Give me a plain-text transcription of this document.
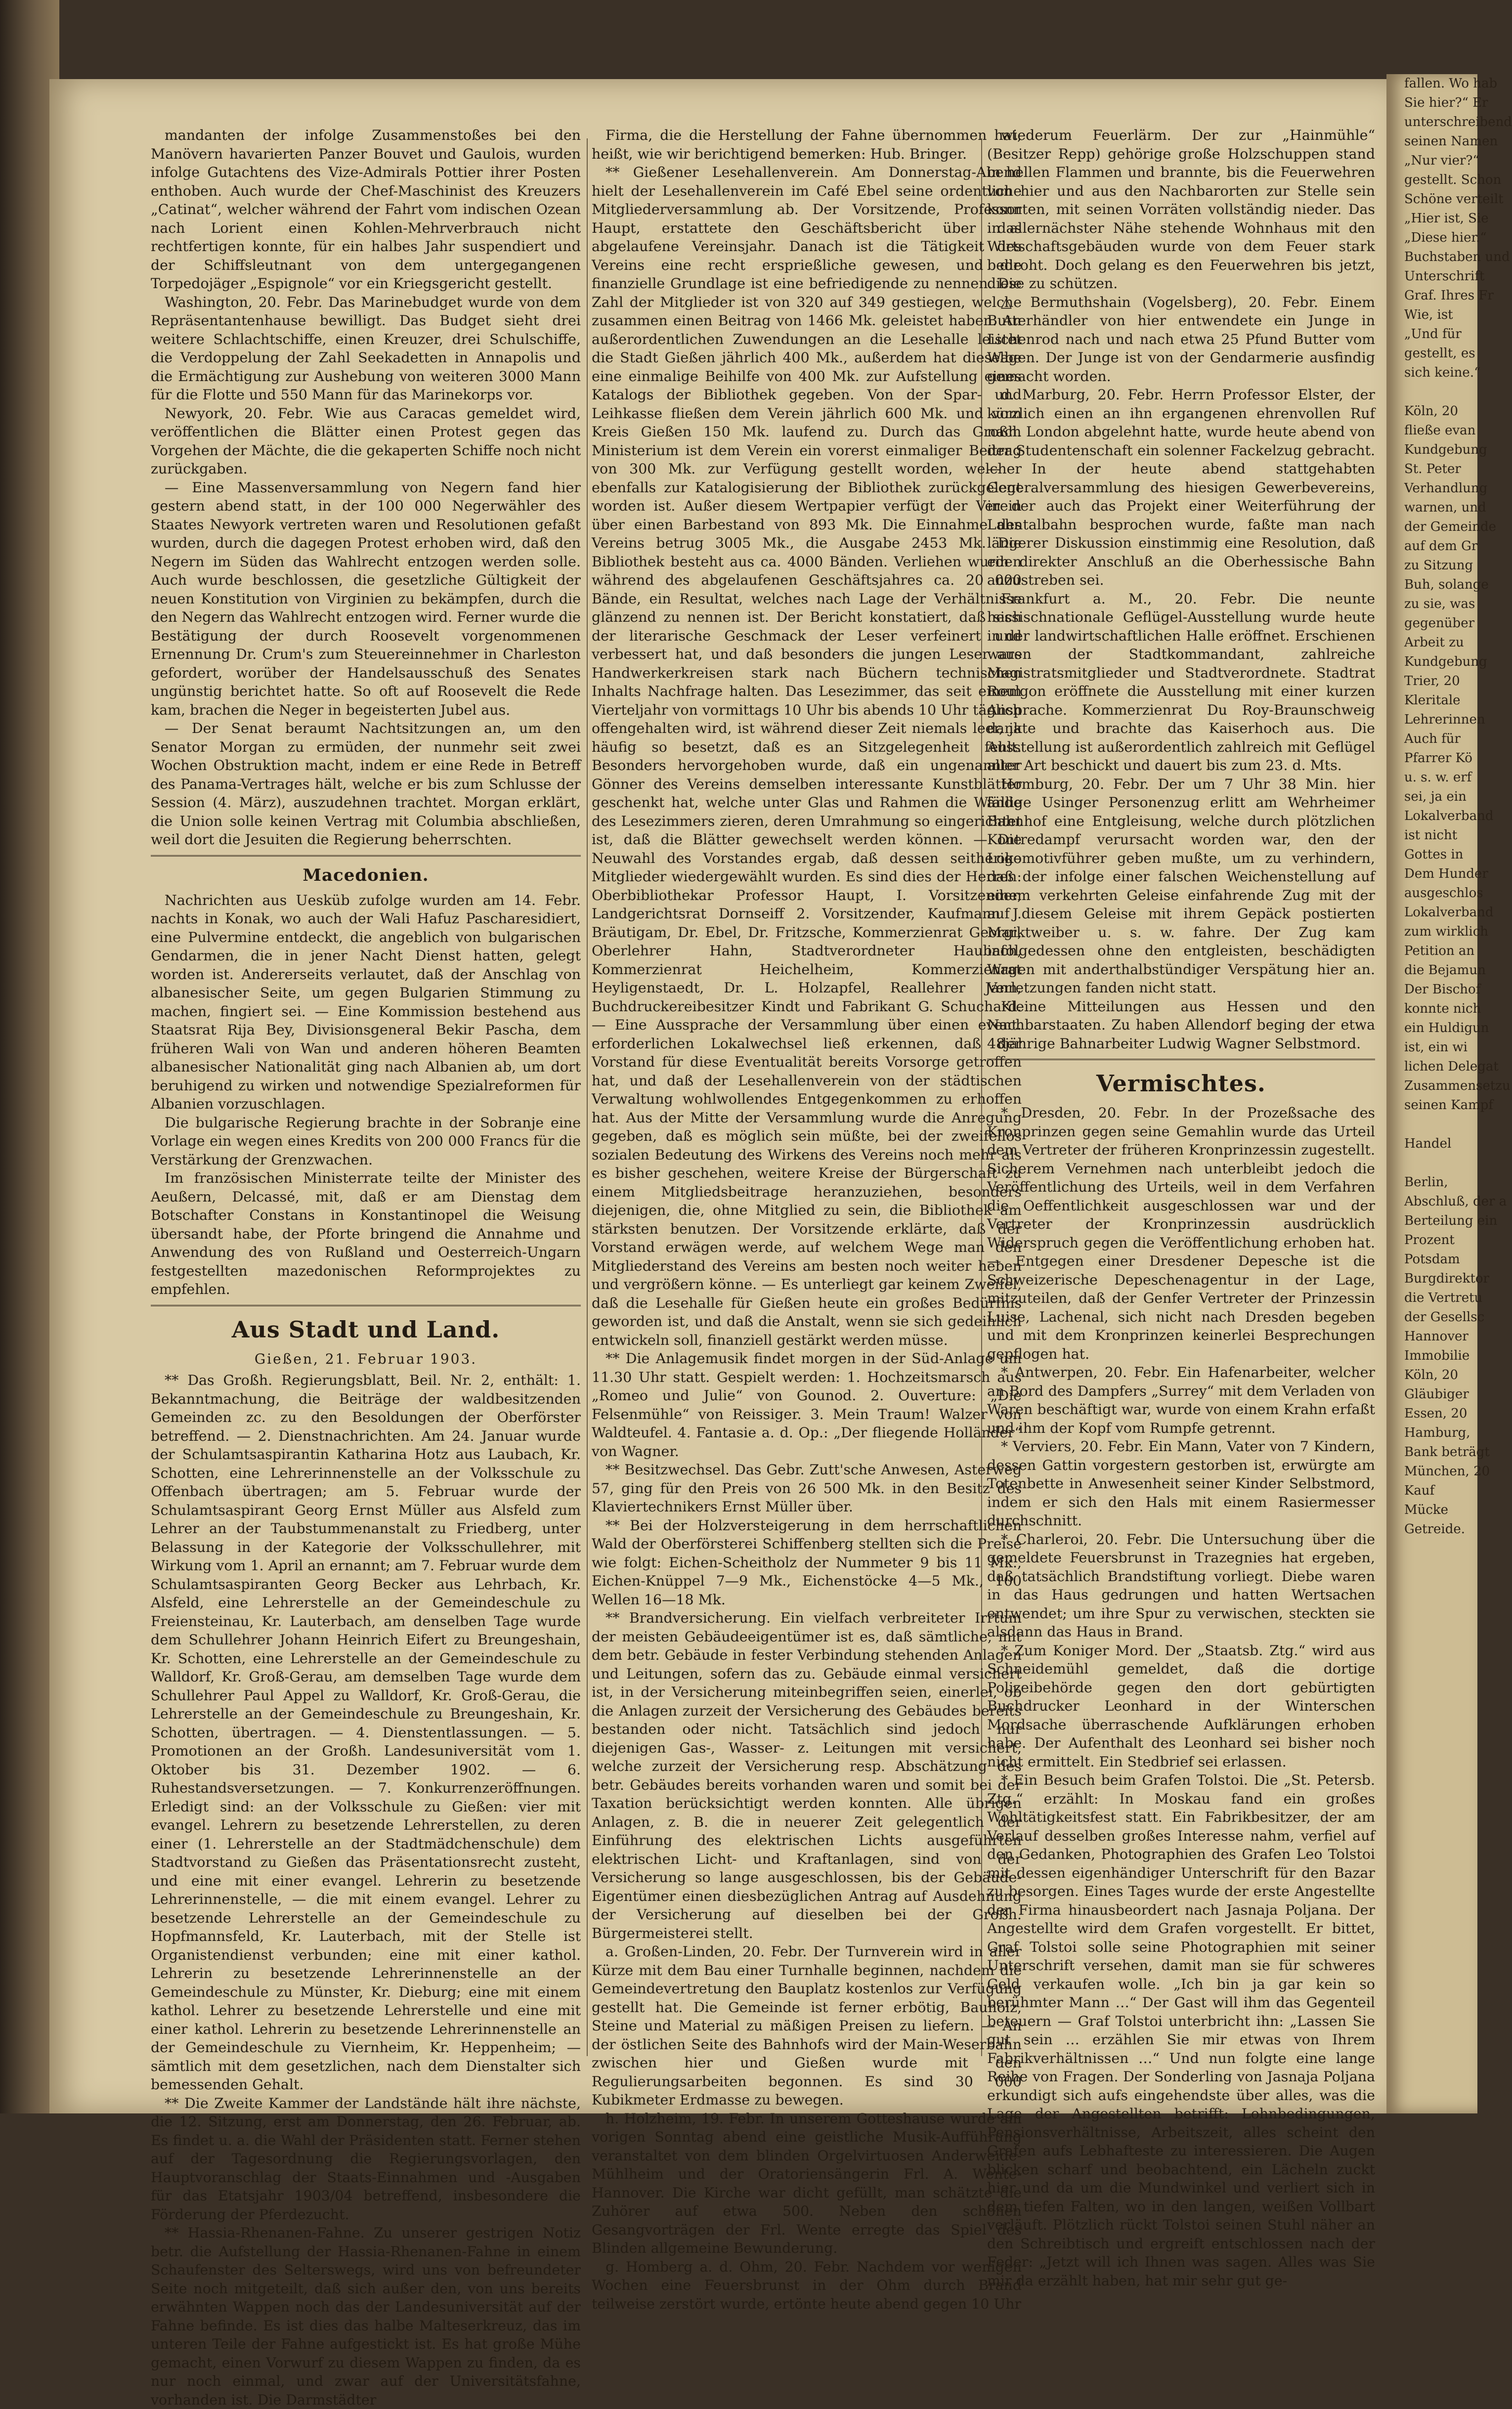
mandanten der infolge Zusammenstoßes bei den Manövern havarierten Panzer Bouvet und Gaulois, wurden infolge Gutachtens des Vize-Admirals Pottier ihrer Posten enthoben. Auch wurde der Chef-Maschinist des Kreuzers „Catinat“, welcher während der Fahrt vom indischen Ozean nach Lorient einen Kohlen-Mehrverbrauch nicht rechtfertigen konnte, für ein halbes Jahr suspendiert und der Schiffsleutnant von dem untergegangenen Torpedojäger „Espignole“ vor ein Kriegsgericht gestellt.

Washington, 20. Febr. Das Marinebudget wurde von dem Repräsentantenhause bewilligt. Das Budget sieht drei weitere Schlachtschiffe, einen Kreuzer, drei Schulschiffe, die Verdoppelung der Zahl Seekadetten in Annapolis und die Ermächtigung zur Aushebung von weiteren 3000 Mann für die Flotte und 550 Mann für das Marinekorps vor.

Newyork, 20. Febr. Wie aus Caracas gemeldet wird, veröffentlichen die Blätter einen Protest gegen das Vorgehen der Mächte, die die gekaperten Schiffe noch nicht zurückgaben.

— Eine Massenversammlung von Negern fand hier gestern abend statt, in der 100 000 Negerwähler des Staates Newyork vertreten waren und Resolutionen gefaßt wurden, durch die dagegen Protest erhoben wird, daß den Negern im Süden das Wahlrecht entzogen werden solle. Auch wurde beschlossen, die gesetzliche Gültigkeit der neuen Konstitution von Virginien zu bekämpfen, durch die den Negern das Wahlrecht entzogen wird. Ferner wurde die Bestätigung der durch Roosevelt vorgenommenen Ernennung Dr. Crum's zum Steuereinnehmer in Charleston gefordert, worüber der Handelsausschuß des Senates ungünstig berichtet hatte. So oft auf Roosevelt die Rede kam, brachen die Neger in begeisterten Jubel aus.

— Der Senat beraumt Nachtsitzungen an, um den Senator Morgan zu ermüden, der nunmehr seit zwei Wochen Obstruktion macht, indem er eine Rede in Betreff des Panama-Vertrages hält, welche er bis zum Schlusse der Session (4. März), auszudehnen trachtet. Morgan erklärt, die Union solle keinen Vertrag mit Columbia abschließen, weil dort die Jesuiten die Regierung beherrschten.

Macedonien.

Nachrichten aus Uesküb zufolge wurden am 14. Febr. nachts in Konak, wo auch der Wali Hafuz Pascharesidiert, eine Pulvermine entdeckt, die angeblich von bulgarischen Gendarmen, die in jener Nacht Dienst hatten, gelegt worden ist. Andererseits verlautet, daß der Anschlag von albanesischer Seite, um gegen Bulgarien Stimmung zu machen, fingiert sei. — Eine Kommission bestehend aus Staatsrat Rija Bey, Divisionsgeneral Bekir Pascha, dem früheren Wali von Wan und anderen höheren Beamten albanesischer Nationalität ging nach Albanien ab, um dort beruhigend zu wirken und notwendige Spezialreformen für Albanien vorzuschlagen.

Die bulgarische Regierung brachte in der Sobranje eine Vorlage ein wegen eines Kredits von 200 000 Francs für die Verstärkung der Grenzwachen.

Im französischen Ministerrate teilte der Minister des Aeußern, Delcassé, mit, daß er am Dienstag dem Botschafter Constans in Konstantinopel die Weisung übersandt habe, der Pforte bringend die Annahme und Anwendung des von Rußland und Oesterreich-Ungarn festgestellten mazedonischen Reformprojektes zu empfehlen.

Aus Stadt und Land.
Gießen, 21. Februar 1903.

** Das Großh. Regierungsblatt, Beil. Nr. 2, enthält: 1. Bekanntmachung, die Beiträge der waldbesitzenden Gemeinden zc. zu den Besoldungen der Oberförster betreffend. — 2. Dienstnachrichten. Am 24. Januar wurde der Schulamtsaspirantin Katharina Hotz aus Laubach, Kr. Schotten, eine Lehrerinnenstelle an der Volksschule zu Offenbach übertragen; am 5. Februar wurde der Schulamtsaspirant Georg Ernst Müller aus Alsfeld zum Lehrer an der Taubstummenanstalt zu Friedberg, unter Belassung in der Kategorie der Volksschullehrer, mit Wirkung vom 1. April an ernannt; am 7. Februar wurde dem Schulamtsaspiranten Georg Becker aus Lehrbach, Kr. Alsfeld, eine Lehrerstelle an der Gemeindeschule zu Freiensteinau, Kr. Lauterbach, am denselben Tage wurde dem Schullehrer Johann Heinrich Eifert zu Breungeshain, Kr. Schotten, eine Lehrerstelle an der Gemeindeschule zu Walldorf, Kr. Groß-Gerau, am demselben Tage wurde dem Schullehrer Paul Appel zu Walldorf, Kr. Groß-Gerau, die Lehrerstelle an der Gemeindeschule zu Breungeshain, Kr. Schotten, übertragen. — 4. Dienstentlassungen. — 5. Promotionen an der Großh. Landesuniversität vom 1. Oktober bis 31. Dezember 1902. — 6. Ruhestandsversetzungen. — 7. Konkurrenzeröffnungen. Erledigt sind: an der Volksschule zu Gießen: vier mit evangel. Lehrern zu besetzende Lehrerstellen, zu deren einer (1. Lehrerstelle an der Stadtmädchenschule) dem Stadtvorstand zu Gießen das Präsentationsrecht zusteht, und eine mit einer evangel. Lehrerin zu besetzende Lehrerinnenstelle, — die mit einem evangel. Lehrer zu besetzende Lehrerstelle an der Gemeindeschule zu Hopfmannsfeld, Kr. Lauterbach, mit der Stelle ist Organistendienst verbunden; eine mit einer kathol. Lehrerin zu besetzende Lehrerinnenstelle an der Gemeindeschule zu Münster, Kr. Dieburg; eine mit einem kathol. Lehrer zu besetzende Lehrerstelle und eine mit einer kathol. Lehrerin zu besetzende Lehrerinnenstelle an der Gemeindeschule zu Viernheim, Kr. Heppenheim; — sämtlich mit dem gesetzlichen, nach dem Dienstalter sich bemessenden Gehalt.

** Die Zweite Kammer der Landstände hält ihre nächste, die 12. Sitzung, erst am Donnerstag, den 26. Februar, ab. Es findet u. a. die Wahl der Präsidenten statt. Ferner stehen auf der Tagesordnung die Regierungsvorlagen, den Hauptvoranschlag der Staats-Einnahmen und -Ausgaben für das Etatsjahr 1903/04 betreffend, insbesondere die Förderung der Pferdezucht.

** Hassia-Rhenanen-Fahne. Zu unserer gestrigen Notiz betr. die Aufstellung der Hassia-Rhenanen-Fahne in einem Schaufenster des Selterswegs, wird uns von befreundeter Seite noch mitgeteilt, daß sich außer den, von uns bereits erwähnten Wappen noch das der Landesuniversität auf der Fahne befinde. Es ist dies das halbe Malteserkreuz, das im unteren Teile der Fahne aufgestickt ist. Es hat große Mühe gemacht, einen Vorwurf zu diesem Wappen zu finden, da es nur noch einmal, und zwar auf der Universitätsfahne, vorhanden ist. Die Darmstädter

Firma, die die Herstellung der Fahne übernommen hat, heißt, wie wir berichtigend bemerken: Hub. Bringer.

** Gießener Lesehallenverein. Am Donnerstag-Abend hielt der Lesehallenverein im Café Ebel seine ordentliche Mitgliederversammlung ab. Der Vorsitzende, Professor Haupt, erstattete den Geschäftsbericht über das abgelaufene Vereinsjahr. Danach ist die Tätigkeit des Vereins eine recht ersprießliche gewesen, und die finanzielle Grundlage ist eine befriedigende zu nennen. Die Zahl der Mitglieder ist von 320 auf 349 gestiegen, welche zusammen einen Beitrag von 1466 Mk. geleistet haben. An außerordentlichen Zuwendungen an die Lesehalle leistet die Stadt Gießen jährlich 400 Mk., außerdem hat dieselbe eine einmalige Beihilfe von 400 Mk. zur Aufstellung eines Katalogs der Bibliothek gegeben. Von der Spar- und Leihkasse fließen dem Verein jährlich 600 Mk. und vom Kreis Gießen 150 Mk. laufend zu. Durch das Großh. Ministerium ist dem Verein ein vorerst einmaliger Beitrag von 300 Mk. zur Verfügung gestellt worden, welcher ebenfalls zur Katalogisierung der Bibliothek zurückgelegt worden ist. Außer diesem Wertpapier verfügt der Verein über einen Barbestand von 893 Mk. Die Einnahme des Vereins betrug 3005 Mk., die Ausgabe 2453 Mk. Die Bibliothek besteht aus ca. 4000 Bänden. Verliehen wurden während des abgelaufenen Geschäftsjahres ca. 20 000 Bände, ein Resultat, welches nach Lage der Verhältnisse glänzend zu nennen ist. Der Bericht konstatiert, daß sich der literarische Geschmack der Leser verfeinert und verbessert hat, und daß besonders die jungen Leser aus Handwerkerkreisen stark nach Büchern technischen Inhalts Nachfrage halten. Das Lesezimmer, das seit einem Vierteljahr von vormittags 10 Uhr bis abends 10 Uhr täglich offengehalten wird, ist während dieser Zeit niemals leer, ja häufig so besetzt, daß es an Sitzgelegenheit fehlt. Besonders hervorgehoben wurde, daß ein ungenannter Gönner des Vereins demselben interessante Kunstblätter geschenkt hat, welche unter Glas und Rahmen die Wände des Lesezimmers zieren, deren Umrahmung so eingerichtet ist, daß die Blätter gewechselt werden können. — Die Neuwahl des Vorstandes ergab, daß dessen seitherige Mitglieder wiedergewählt wurden. Es sind dies der Herren: Oberbibliothekar Professor Haupt, I. Vorsitzender, Landgerichtsrat Dornseiff 2. Vorsitzender, Kaufmann J. Bräutigam, Dr. Ebel, Dr. Fritzsche, Kommerzienrat Georgi, Oberlehrer Hahn, Stadtverordneter Haubach, Kommerzienrat Heichelheim, Kommerzienrat Heyligenstaedt, Dr. L. Holzapfel, Reallehrer Jann, Buchdruckereibesitzer Kindt und Fabrikant G. Schuchard. — Eine Aussprache der Versammlung über einen event. erforderlichen Lokalwechsel ließ erkennen, daß der Vorstand für diese Eventualität bereits Vorsorge getroffen hat, und daß der Lesehallenverein von der städtischen Verwaltung wohlwollendes Entgegenkommen zu erhoffen hat. Aus der Mitte der Versammlung wurde die Anregung gegeben, daß es möglich sein müßte, bei der zweifellos sozialen Bedeutung des Wirkens des Vereins noch mehr als es bisher geschehen, weitere Kreise der Bürgerschaft zu einem Mitgliedsbeitrage heranzuziehen, besonders diejenigen, die, ohne Mitglied zu sein, die Bibliothek am stärksten benutzen. Der Vorsitzende erklärte, daß der Vorstand erwägen werde, auf welchem Wege man den Mitgliederstand des Vereins am besten noch weiter heben und vergrößern könne. — Es unterliegt gar keinem Zweifel, daß die Lesehalle für Gießen heute ein großes Bedürfnis geworden ist, und daß die Anstalt, wenn sie sich gedeihlich entwickeln soll, finanziell gestärkt werden müsse.

** Die Anlagemusik findet morgen in der Süd-Anlage um 11.30 Uhr statt. Gespielt werden: 1. Hochzeitsmarsch aus „Romeo und Julie“ von Gounod. 2. Ouverture: „Die Felsenmühle“ von Reissiger. 3. Mein Traum! Walzer von Waldteufel. 4. Fantasie a. d. Op.: „Der fliegende Holländer“ von Wagner.

** Besitzwechsel. Das Gebr. Zutt'sche Anwesen, Asterweg 57, ging für den Preis von 26 500 Mk. in den Besitz des Klaviertechnikers Ernst Müller über.

** Bei der Holzversteigerung in dem herrschaftlichen Wald der Oberförsterei Schiffenberg stellten sich die Preise wie folgt: Eichen-Scheitholz der Nummeter 9 bis 11 Mk., Eichen-Knüppel 7—9 Mk., Eichenstöcke 4—5 Mk., 100 Wellen 16—18 Mk.

** Brandversicherung. Ein vielfach verbreiteter Irrtum der meisten Gebäudeeigentümer ist es, daß sämtliche, mit dem betr. Gebäude in fester Verbindung stehenden Anlagen und Leitungen, sofern das zu. Gebäude einmal versichert ist, in der Versicherung miteinbegriffen seien, einerlei, ob die Anlagen zurzeit der Versicherung des Gebäudes bereits bestanden oder nicht. Tatsächlich sind jedoch nur diejenigen Gas-, Wasser- z. Leitungen mit versichert, welche zurzeit der Versicherung resp. Abschätzung des betr. Gebäudes bereits vorhanden waren und somit bei der Taxation berücksichtigt werden konnten. Alle übrigen Anlagen, z. B. die in neuerer Zeit gelegentlich der Einführung des elektrischen Lichts ausgeführten elektrischen Licht- und Kraftanlagen, sind von der Versicherung so lange ausgeschlossen, bis der Gebäude-Eigentümer einen diesbezüglichen Antrag auf Ausdehnung der Versicherung auf dieselben bei der Großh. Bürgermeisterei stellt.

a. Großen-Linden, 20. Febr. Der Turnverein wird in aller Kürze mit dem Bau einer Turnhalle beginnen, nachdem die Gemeindevertretung den Bauplatz kostenlos zur Verfügung gestellt hat. Die Gemeinde ist ferner erbötig, Bauholz, Steine und Material zu mäßigen Preisen zu liefern. — An der östlichen Seite des Bahnhofs wird der Main-Weserbahn zwischen hier und Gießen wurde mit den Regulierungsarbeiten begonnen. Es sind 30 000 Kubikmeter Erdmasse zu bewegen.

h. Holzheim, 19. Febr. In unserem Gotteshause wurde am vorigen Sonntag abend eine geistliche Musik-Aufführung veranstaltet von dem blinden Orgelvirtuosen Anderweide-Mühlheim und der Oratoriensängerin Frl. A. Wente-Hannover. Die Kirche war dicht gefüllt, man schätzte die Zuhörer auf etwa 500. Neben den schönen Gesangvorträgen der Frl. Wente erregte das Spiel des Blinden allgemeine Bewunderung.

g. Homberg a. d. Ohm, 20. Febr. Nachdem vor wenigen Wochen eine Feuersbrunst in der Ohm durch Brand teilweise zerstört wurde, ertönte heute abend gegen 10 Uhr

wiederum Feuerlärm. Der zur „Hainmühle“ (Besitzer Repp) gehörige große Holzschuppen stand in hellen Flammen und brannte, bis die Feuerwehren von hier und aus den Nachbarorten zur Stelle sein konnten, mit seinen Vorräten vollständig nieder. Das in allernächster Nähe stehende Wohnhaus mit den Wirtschaftsgebäuden wurde von dem Feuer stark bedroht. Doch gelang es den Feuerwehren bis jetzt, diese zu schützen.

△ Bermuthshain (Vogelsberg), 20. Febr. Einem Butterhändler von hier entwendete ein Junge in Lichenrod nach und nach etwa 25 Pfund Butter vom Wagen. Der Junge ist von der Gendarmerie ausfindig gemacht worden.

d. Marburg, 20. Febr. Herrn Professor Elster, der kürzlich einen an ihn ergangenen ehrenvollen Ruf nach London abgelehnt hatte, wurde heute abend von der Studentenschaft ein solenner Fackelzug gebracht. — In der heute abend stattgehabten Generalversammlung des hiesigen Gewerbevereins, in der auch das Projekt einer Weiterführung der Lahntalbahn besprochen wurde, faßte man nach längerer Diskussion einstimmig eine Resolution, daß ein direkter Anschluß an die Oberhessische Bahn anzustreben sei.

Frankfurt a. M., 20. Febr. Die neunte hessischnationale Geflügel-Ausstellung wurde heute in der landwirtschaftlichen Halle eröffnet. Erschienen waren der Stadtkommandant, zahlreiche Magistratsmitglieder und Stadtverordnete. Stadtrat Roulgon eröffnete die Ausstellung mit einer kurzen Ansprache. Kommerzienrat Du Roy-Braunschweig dankte und brachte das Kaiserhoch aus. Die Ausstellung ist außerordentlich zahlreich mit Geflügel aller Art beschickt und dauert bis zum 23. d. Mts.

Homburg, 20. Febr. Der um 7 Uhr 38 Min. hier fällige Usinger Personenzug erlitt am Wehrheimer Bahnhof eine Entgleisung, welche durch plötzlichen Kontredampf verursacht worden war, den der Lokomotivführer geben mußte, um zu verhindern, daß der infolge einer falschen Weichenstellung auf einem verkehrten Geleise einfahrende Zug mit der auf diesem Geleise mit ihrem Gepäck postierten Marktweiber u. s. w. fahre. Der Zug kam infolgedessen ohne den entgleisten, beschädigten Wagen mit anderthalbstündiger Verspätung hier an. Verletzungen fanden nicht statt.

Kleine Mitteilungen aus Hessen und den Nachbarstaaten. Zu haben Allendorf beging der etwa 48jährige Bahnarbeiter Ludwig Wagner Selbstmord.

Vermischtes.

* Dresden, 20. Febr. In der Prozeßsache des Kronprinzen gegen seine Gemahlin wurde das Urteil dem Vertreter der früheren Kronprinzessin zugestellt. Sicherem Vernehmen nach unterbleibt jedoch die Veröffentlichung des Urteils, weil in dem Verfahren die Oeffentlichkeit ausgeschlossen war und der Vertreter der Kronprinzessin ausdrücklich Widerspruch gegen die Veröffentlichung erhoben hat. — Entgegen einer Dresdener Depesche ist die Schweizerische Depeschenagentur in der Lage, mitzuteilen, daß der Genfer Vertreter der Prinzessin Luise, Lachenal, sich nicht nach Dresden begeben und mit dem Kronprinzen keinerlei Besprechungen gepflogen hat.

* Antwerpen, 20. Febr. Ein Hafenarbeiter, welcher an Bord des Dampfers „Surrey“ mit dem Verladen von Waren beschäftigt war, wurde von einem Krahn erfaßt und ihm der Kopf vom Rumpfe getrennt.

* Verviers, 20. Febr. Ein Mann, Vater von 7 Kindern, dessen Gattin vorgestern gestorben ist, erwürgte am Totenbette in Anwesenheit seiner Kinder Selbstmord, indem er sich den Hals mit einem Rasiermesser durchschnitt.

* Charleroi, 20. Febr. Die Untersuchung über die gemeldete Feuersbrunst in Trazegnies hat ergeben, daß tatsächlich Brandstiftung vorliegt. Diebe waren in das Haus gedrungen und hatten Wertsachen entwendet; um ihre Spur zu verwischen, steckten sie alsdann das Haus in Brand.

* Zum Koniger Mord. Der „Staatsb. Ztg.“ wird aus Schneidemühl gemeldet, daß die dortige Polizeibehörde gegen den dort gebürtigten Buchdrucker Leonhard in der Winterschen Mordsache überraschende Aufklärungen erhoben habe. Der Aufenthalt des Leonhard sei bisher noch nicht ermittelt. Ein Stedbrief sei erlassen.

* Ein Besuch beim Grafen Tolstoi. Die „St. Petersb. Ztg.“ erzählt: In Moskau fand ein großes Wohltätigkeitsfest statt. Ein Fabrikbesitzer, der am Verlauf desselben großes Interesse nahm, verfiel auf den Gedanken, Photographien des Grafen Leo Tolstoi mit dessen eigenhändiger Unterschrift für den Bazar zu besorgen. Eines Tages wurde der erste Angestellte der Firma hinausbeordert nach Jasnaja Poljana. Der Angestellte wird dem Grafen vorgestellt. Er bittet, Graf Tolstoi solle seine Photographien mit seiner Unterschrift versehen, damit man sie für schweres Geld verkaufen wolle. „Ich bin ja gar kein so berühmter Mann …“ Der Gast will ihm das Gegenteil beteuern — Graf Tolstoi unterbricht ihn: „Lassen Sie gut sein … erzählen Sie mir etwas von Ihrem Fabrikverhältnissen …“ Und nun folgte eine lange Reihe von Fragen. Der Sonderling von Jasnaja Poljana erkundigt sich aufs eingehendste über alles, was die Lage der Angestellten betrifft: Lohnbedingungen, Pensionsverhältnisse, Arbeitszeit, alles scheint den Grafen aufs Lebhafteste zu interessieren. Die Augen blicken scharf und beobachtend, ein Lächeln zuckt hier und da um die Mundwinkel und verliert sich in dem tiefen Falten, wo in den langen, weißen Vollbart verläuft. Plötzlich rückt Tolstoi seinen Stuhl näher an den Schreibtisch und ergreift entschlossen nach der Feder: „Jetzt will ich Ihnen was sagen. Alles was Sie mir da erzählt haben, hat mir sehr gut ge-

fallen. Wo hab
Sie hier?“ Er
unterschreibend
seinen Namen
„Nur vier?“
gestellt. Schon
Schöne verteilt
„Hier ist, Sie
„Diese hier.“
Buchstaben und
Unterschrift
Graf. Ihres Fr
Wie, ist
„Und für
gestellt, es
sich keine.“

Köln, 20
fließe evan
Kundgebung
St. Peter
Verhandlung
warnen, und
der Gemeinde
auf dem Gr
zu Sitzung
Buh, solange
zu sie, was
gegenüber
Arbeit zu
Kundgebung
Trier, 20
Kleritale
Lehrerinnen
Auch für
Pfarrer Kö
u. s. w. erf
sei, ja ein
Lokalverband
ist nicht
Gottes in
Dem Hunder
ausgeschlos
Lokalverband
zum wirklich
Petition an
die Bejamun
Der Bischof
konnte nich
ein Huldigun
ist, ein wi
lichen Delegat
Zusammensetzu
seinen Kampf

Handel

Berlin,
Abschluß, der a
Berteilung ein
Prozent
Potsdam
Burgdirektor
die Vertretu
der Gesellsc
Hannover
Immobilie
Köln, 20
Gläubiger
Essen, 20
Hamburg,
Bank beträgt
München, 20
Kauf
Mücke
Getreide.
